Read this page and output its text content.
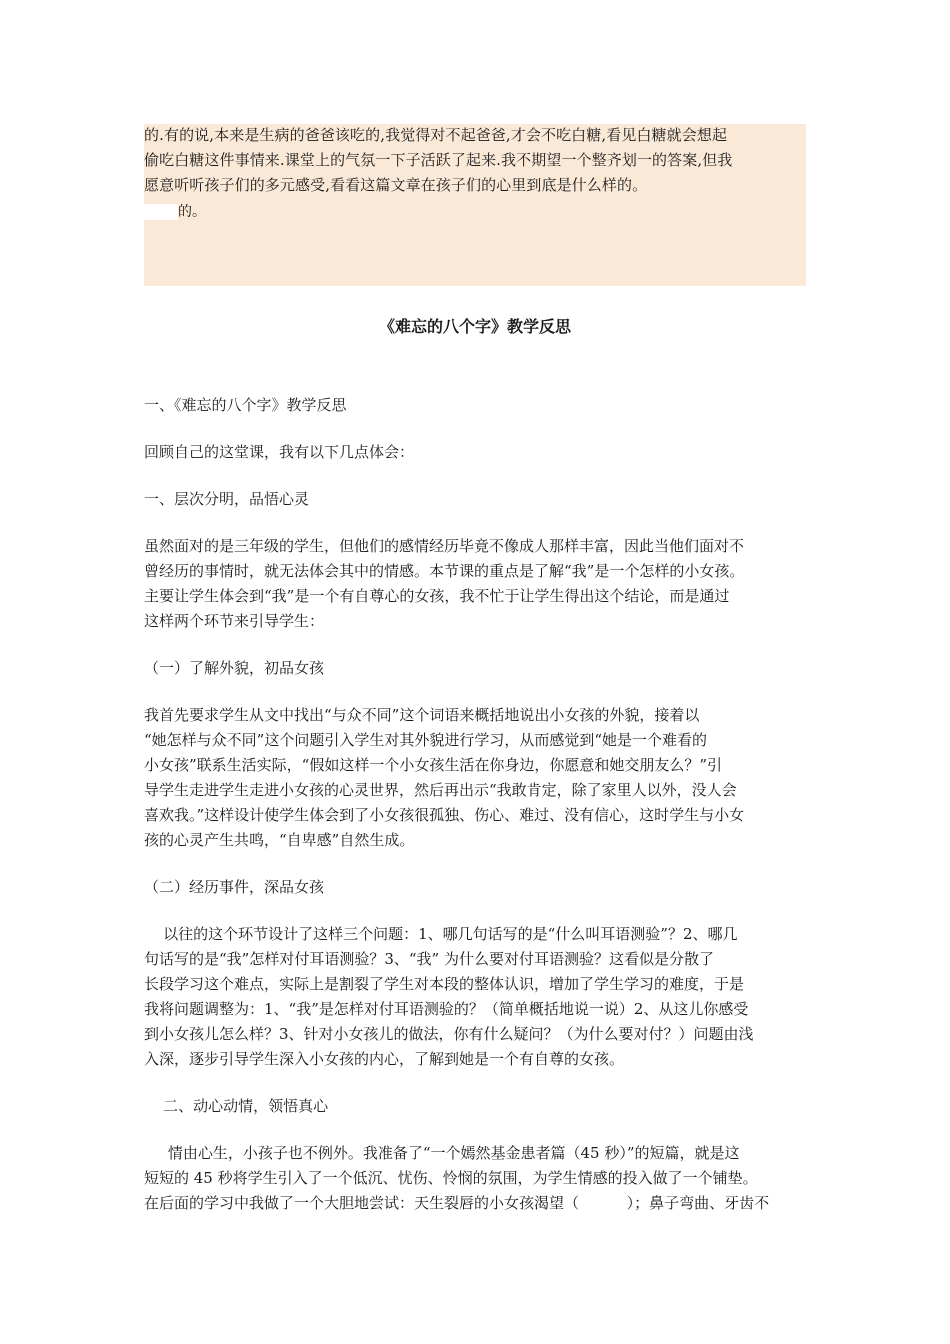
的.有的说,本来是生病的爸爸该吃的,我觉得对不起爸爸,才会不吃白糖,看见白糖就会想起
偷吃白糖这件事情来.课堂上的气氛一下子活跃了起来.我不期望一个整齐划一的答案,但我
愿意听听孩子们的多元感受,看看这篇文章在孩子们的心里到底是什么样的。
的。
《难忘的八个字》教学反思
一、《难忘的八个字》教学反思
回顾自己的这堂课，我有以下几点体会：
一、层次分明，品悟心灵
虽然面对的是三年级的学生，但他们的感情经历毕竟不像成人那样丰富，因此当他们面对不
曾经历的事情时，就无法体会其中的情感。本节课的重点是了解“我”是一个怎样的小女孩。
主要让学生体会到“我”是一个有自尊心的女孩，我不忙于让学生得出这个结论，而是通过
这样两个环节来引导学生：
（一）了解外貌，初品女孩
我首先要求学生从文中找出“与众不同”这个词语来概括地说出小女孩的外貌，接着以
“她怎样与众不同”这个问题引入学生对其外貌进行学习，从而感觉到“她是一个难看的
小女孩”联系生活实际，“假如这样一个小女孩生活在你身边，你愿意和她交朋友么？”引
导学生走进学生走进小女孩的心灵世界，然后再出示“我敢肯定，除了家里人以外，没人会
喜欢我。”这样设计使学生体会到了小女孩很孤独、伤心、难过、没有信心，这时学生与小女
孩的心灵产生共鸣，“自卑感”自然生成。
（二）经历事件，深品女孩
以往的这个环节设计了这样三个问题：1、哪几句话写的是“什么叫耳语测验”？2、哪几
句话写的是“我”怎样对付耳语测验？3、“我” 为什么要对付耳语测验？这看似是分散了
长段学习这个难点，实际上是割裂了学生对本段的整体认识，增加了学生学习的难度，于是
我将问题调整为：1、“我”是怎样对付耳语测验的？（简单概括地说一说）2、从这儿你感受
到小女孩儿怎么样？3、针对小女孩儿的做法，你有什么疑问？（为什么要对付？）问题由浅
入深，逐步引导学生深入小女孩的内心，了解到她是一个有自尊的女孩。
二、动心动情，领悟真心
情由心生，小孩子也不例外。我准备了“一个嫣然基金患者篇（45 秒）”的短篇，就是这
短短的 45 秒将学生引入了一个低沉、忧伤、怜悯的氛围，为学生情感的投入做了一个铺垫。
在后面的学习中我做了一个大胆地尝试：天生裂唇的小女孩渴望（          ）；鼻子弯曲、牙齿不
